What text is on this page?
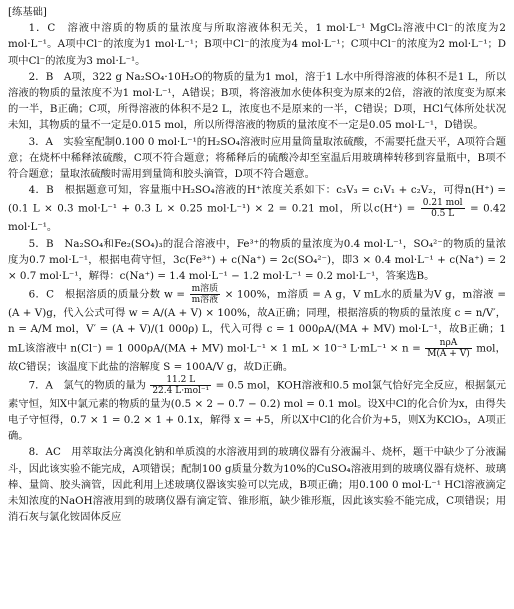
[练基础]

1．C　溶液中溶质的物质的量浓度与所取溶液体积无关，1 mol·L⁻¹ MgCl₂溶液中Cl⁻的浓度为2 mol·L⁻¹。A项中Cl⁻的浓度为1 mol·L⁻¹；B项中Cl⁻的浓度为4 mol·L⁻¹；C项中Cl⁻的浓度为2 mol·L⁻¹；D项中Cl⁻的浓度为3 mol·L⁻¹。

2．B　A项，322 g Na₂SO₄·10H₂O的物质的量为1 mol，溶于1 L水中所得溶液的体积不是1 L，所以溶液的物质的量浓度不为1 mol·L⁻¹，A错误；B项，将溶液加水使体积变为原来的2倍，溶液的浓度变为原来的一半，B正确；C项，所得溶液的体积不是2 L，浓度也不是原来的一半，C错误；D项，HCl气体所处状况未知，其物质的量不一定是0.015 mol，所以所得溶液的物质的量浓度不一定是0.05 mol·L⁻¹，D错误。

3．A　实验室配制0.100 0 mol·L⁻¹的H₂SO₄溶液时应用量筒量取浓硫酸，不需要托盘天平，A项符合题意；在烧杯中稀释浓硫酸，C项不符合题意；将稀释后的硫酸冷却至室温后用玻璃棒转移到容量瓶中，B项不符合题意；量取浓硫酸时需用到量筒和胶头滴管，D项不符合题意。

4．B　根据题意可知，容量瓶中H₂SO₄溶液的H⁺浓度关系如下：c₃V₃ = c₁V₁ + c₂V₂，可得n(H⁺) = (0.1 L × 0.3 mol·L⁻¹ + 0.3 L × 0.25 mol·L⁻¹) × 2 = 0.21 mol，所以$c(H^+) = \frac{\text{0.21 mol}}{0.5 L} = 0.42$ mol·L⁻¹。

5．B　Na₂SO₄和Fe₂(SO₄)₃的混合溶液中，Fe³⁺的物质的量浓度为0.4 mol·L⁻¹，SO₄²⁻的物质的量浓度为0.7 mol·L⁻¹，根据电荷守恒，3c(Fe³⁺) + c(Na⁺) = 2c(SO₄²⁻)，即3 × 0.4 mol·L⁻¹ + c(Na⁺) = 2 × 0.7 mol·L⁻¹，解得：c(Na⁺) = 1.4 mol·L⁻¹ − 1.2 mol·L⁻¹ = 0.2 mol·L⁻¹，答案选B。

6．C　根据溶质的质量分数 $w = \frac{\text{m溶质}}{\text{m溶液}} \times 100\%$，m溶质 = A g，V mL水的质量为V g，m溶液 = (A + V)g，代入公式可得 w = A/(A + V) × 100%，故A正确；同理，根据溶质的物质的量浓度 c = n/V′，n = A/M mol，V′ = (A + V)/(1 000ρ) L，代入可得 c = 1 000ρA/(MA + MV) mol·L⁻¹，故B正确；1 mL该溶液中 n(Cl⁻) = 1 000ρA/(MA + MV) mol·L⁻¹ × 1 mL × 10⁻³ $L\cdot mL^{-1} \times n = \frac{\text{nρA}}{M(A + V)}$ mol，故C错误；该温度下此盐的溶解度 S = 100A/V g，故D正确。

7．A　氯气的物质的量为 $\frac{11.2 L}{\text{22.4 L·mol⁻¹}} = 0.5$ mol，KOH溶液和0.5 mol氯气恰好完全反应，根据氯元素守恒，知X中氯元素的物质的量为(0.5 × 2 − 0.7 − 0.2) mol = 0.1 mol。设X中Cl的化合价为x，由得失电子守恒得，0.7 × 1 = 0.2 × 1 + 0.1x，解得 x = +5，所以X中Cl的化合价为+5，则X为KClO₃，A项正确。

8．AC　用萃取法分离溴化钠和单质溴的水溶液用到的玻璃仪器有分液漏斗、烧杯，题干中缺少了分液漏斗，因此该实验不能完成，A项错误；配制100 g质量分数为10%的CuSO₄溶液用到的玻璃仪器有烧杯、玻璃棒、量筒、胶头滴管，因此利用上述玻璃仪器该实验可以完成，B项正确；用0.100 0 mol·L⁻¹ HCl溶液滴定未知浓度的NaOH溶液用到的玻璃仪器有滴定管、锥形瓶，缺少锥形瓶，因此该实验不能完成，C项错误；用消石灰与氯化铵固体反应
